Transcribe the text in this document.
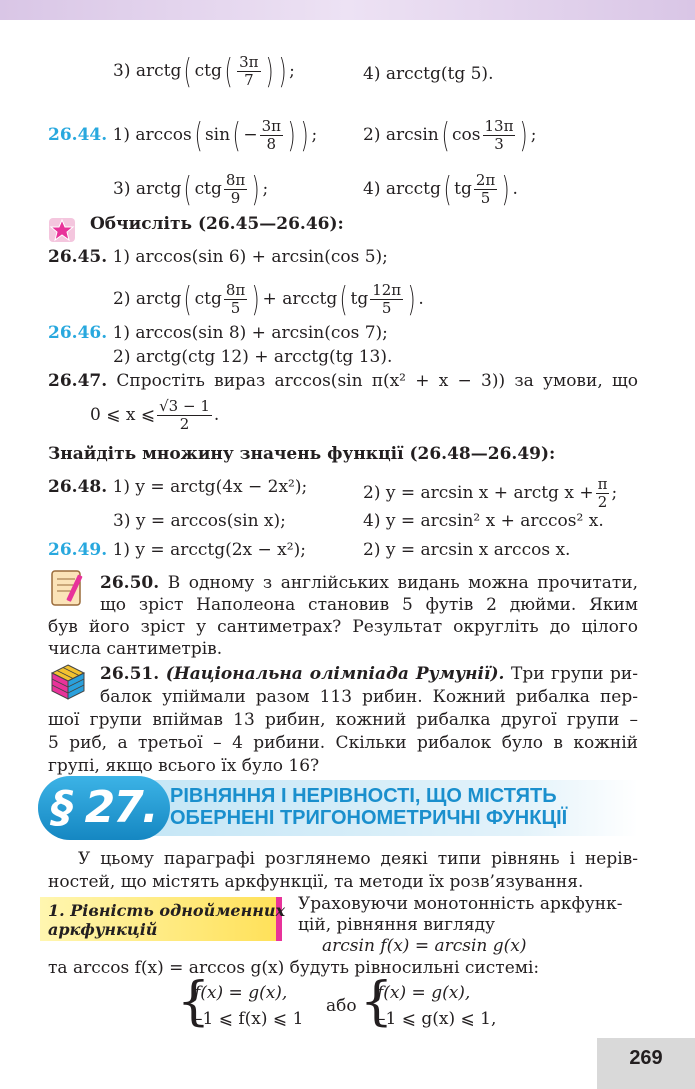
3) arctg( $ctg( \frac{3\pi}{7}$ ) ) ;	4) arcctg(tg 5).
26.44. 1) arccos( $\sin( - \frac{3\pi}{8}$ ) ) ;	2) arcsin( $\cos \frac{13\pi}{3}$ ) ;
3) arctg( ctg $\frac{8\pi}{9}$ ) ;	4) arcctg( tg $\frac{2\pi}{5}$ ) .
Обчисліть (26.45—26.46):
26.45. 1) arccos(sin 6) + arcsin(cos 5);
2) arctg( ctg $\frac{8\pi}{5}$ ) + arcctg( tg $\frac{12\pi}{5}$ ) .
26.46. 1) arccos(sin 8) + arcsin(cos 7);
2) arctg(ctg 12) + arcctg(tg 13).
26.47. Спростіть вираз arccos(sin π(x² + x − 3)) за умови, що
0 ⩽ x ⩽ $\frac{√3 - 1}{2}$ .
Знайдіть множину значень функції (26.48—26.49):
26.48. 1) y = arctg(4x − 2x²);	2) y = arcsin x + arctg $x + \frac{\pi}{2}$ ;
3) y = arccos(sin x);	4) y = arcsin² x + arccos² x.
26.49. 1) y = arcctg(2x − x²);	2) y = arcsin x arccos x.
26.50. В одному з англійських видань можна прочитати,
що зріст Наполеона становив 5 футів 2 дюйми. Яким
був його зріст у сантиметрах? Результат округліть до цілого
числа сантиметрів.
26.51. (Національна олімпіада Румунії). Три групи ри-
балок упіймали разом 113 рибин. Кожний рибалка пер-
шої групи впіймав 13 рибин, кожний рибалка другої групи –
5 риб, а третьої – 4 рибини. Скільки рибалок було в кожній
групі, якщо всього їх було 16?
§ 27. РІВНЯННЯ І НЕРІВНОСТІ, ЩО МІСТЯТЬ
ОБЕРНЕНІ ТРИГОНОМЕТРИЧНІ ФУНКЦІЇ
У цьому параграфі розглянемо деякі типи рівнянь і нерів-
ностей, що містять аркфункції, та методи їх розв’язування.
1. Рівність однойменних
аркфункцій
Ураховуючи монотонність аркфунк-
цій, рівняння вигляду
arcsin f(x) = arcsin g(x)
та arccos f(x) = arccos g(x) будуть рівносильні системі:
{
f(x) = g(x),
–1 ⩽ f(x) ⩽ 1
або {
f(x) = g(x),
–1 ⩽ g(x) ⩽ 1,
269
